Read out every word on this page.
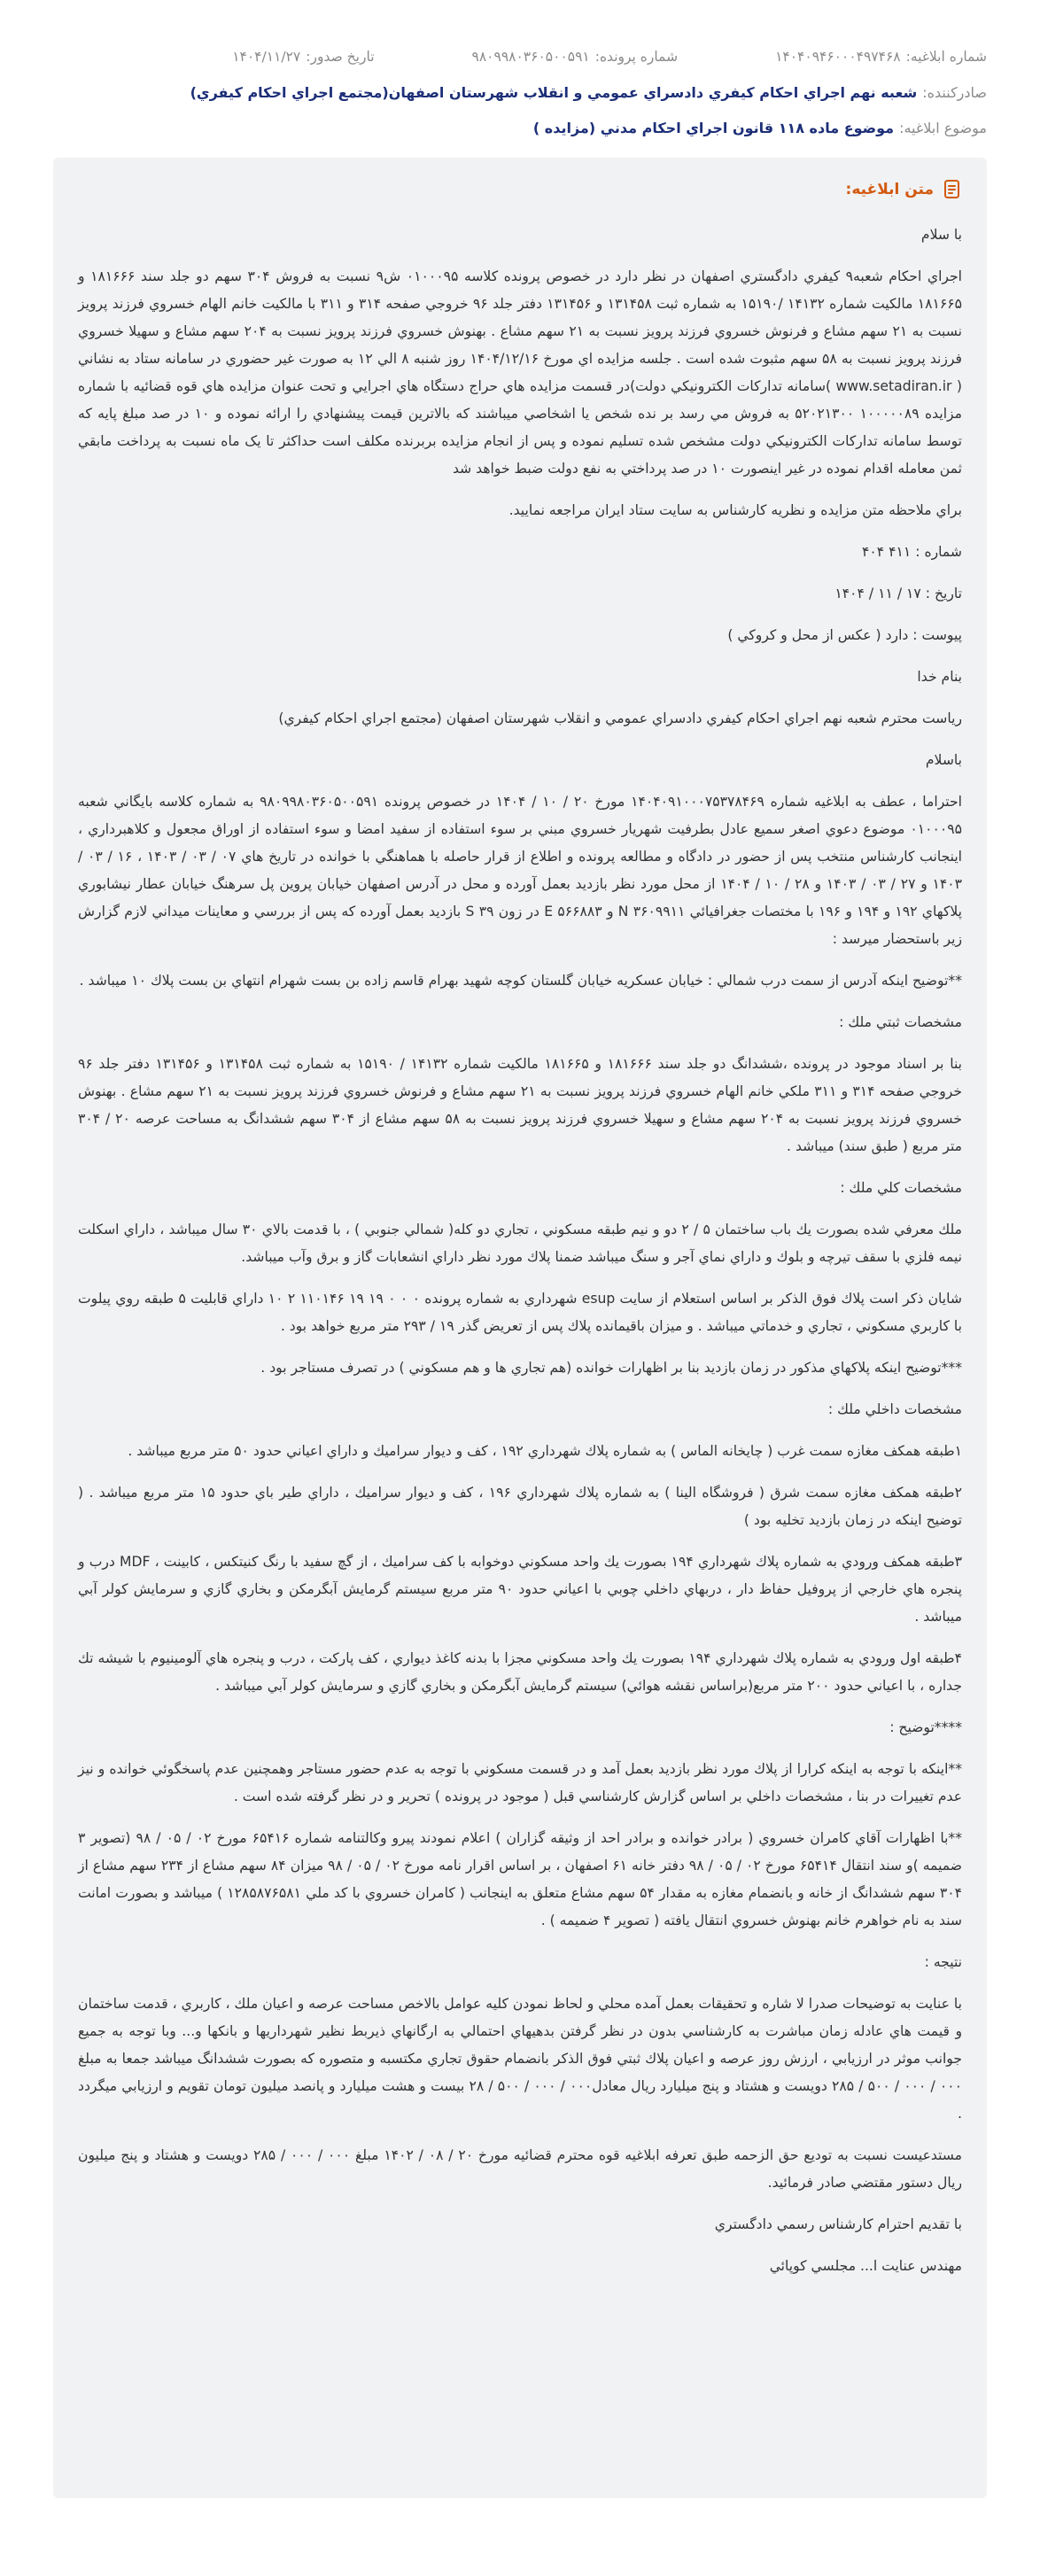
شماره ابلاغیه:۱۴۰۴۰۹۴۶۰۰۰۴۹۷۴۶۸
شماره پرونده:۹۸۰۹۹۸۰۳۶۰۵۰۰۵۹۱
تاریخ صدور:۱۴۰۴/۱۱/۲۷
صادرکننده:
شعبه نهم اجراي احكام كيفري دادسراي عمومي و انقلاب شهرستان اصفهان(مجتمع اجراي احكام كيفري)
موضوع ابلاغیه:
موضوع ماده ۱۱۸ قانون اجراي احكام مدني (مزايده )
متن ابلاغیه:

با سلام

اجراي احكام شعبه۹ كيفري دادگستري اصفهان در نظر دارد در خصوص پرونده كلاسه ۰۱۰۰۰۹۵ ش۹ نسبت به فروش ۳۰۴ سهم دو جلد سند ۱۸۱۶۶۶ و ۱۸۱۶۶۵ مالكيت شماره ۱۴۱۳۲ /۱۵۱۹۰ به شماره ثبت ۱۳۱۴۵۸ و ۱۳۱۴۵۶ دفتر جلد ۹۶ خروجي صفحه ۳۱۴ و ۳۱۱ با مالكيت خانم الهام خسروي فرزند پرويز نسبت به ۲۱ سهم مشاع و فرنوش خسروي فرزند پرويز نسبت به ۲۱ سهم مشاع . بهنوش خسروي فرزند پرويز نسبت به ۲۰۴ سهم مشاع و سهيلا خسروي فرزند پرويز نسبت به ۵۸ سهم مثبوت شده است . جلسه مزايده اي مورخ ۱۴۰۴/۱۲/۱۶ روز شنبه ۸ الي ۱۲ به صورت غير حضوري در سامانه ستاد به نشاني ( www.setadiran.ir )سامانه تداركات الكترونيكي دولت)در قسمت مزايده هاي حراج دستگاه هاي اجرايي و تحت عنوان مزايده هاي قوه قضائيه با شماره مزايده ۱۰۰۰۰۰۸۹ ۵۲۰۲۱۳۰۰ به فروش مي رسد بر نده شخص يا اشخاصي ميباشند كه بالاترين قيمت پيشنهادي را ارائه نموده و ۱۰ در صد مبلغ پايه كه توسط سامانه تداركات الكترونيكي دولت مشخص شده تسليم نموده و پس از انجام مزايده بربرنده مكلف است حداكثر تا يک ماه نسبت به پرداخت مابقي ثمن معامله اقدام نموده در غير اينصورت ۱۰ در صد پرداختي به نفع دولت ضبط خواهد شد

براي ملاحظه متن مزايده و نظريه كارشناس به سايت ستاد ايران مراجعه نماييد.

شماره : ۴۱۱ ۴۰۴

تاريخ : ۱۷ / ۱۱ / ۱۴۰۴

پيوست : دارد ( عكس از محل و كروكي )

بنام خدا

رياست محترم شعبه نهم اجراي احكام كيفري دادسراي عمومي و انقلاب شهرستان اصفهان (مجتمع اجراي احكام كيفري)

باسلام

احتراما ، عطف به ابلاغيه شماره ۱۴۰۴۰۹۱۰۰۰۷۵۳۷۸۴۶۹ مورخ ۲۰ / ۱۰ / ۱۴۰۴ در خصوص پرونده ۹۸۰۹۹۸۰۳۶۰۵۰۰۵۹۱ به شماره كلاسه بايگاني شعبه ۰۱۰۰۰۹۵ موضوع دعوي اصغر سميع عادل بطرفيت شهريار خسروي مبني بر سوء استفاده از سفيد امضا و سوء استفاده از اوراق مجعول و كلاهبرداري ، اينجانب كارشناس منتخب پس از حضور در دادگاه و مطالعه پرونده و اطلاع از قرار حاصله با هماهنگي با خوانده در تاريخ هاي ۰۷ / ۰۳ / ۱۴۰۳ ، ۱۶ / ۰۳ / ۱۴۰۳ و ۲۷ / ۰۳ / ۱۴۰۳ و ۲۸ / ۱۰ / ۱۴۰۴ از محل مورد نظر بازديد بعمل آورده و محل در آدرس اصفهان خيابان پروين پل سرهنگ خيابان عطار نيشابوري پلاكهاي ۱۹۲ و ۱۹۴ و ۱۹۶ با مختصات جغرافيائي ۳۶۰۹۹۱۱ N و ۵۶۶۸۸۳ E در زون ۳۹ S بازديد بعمل آورده كه پس از بررسي و معاينات ميداني لازم گزارش زير باستحضار ميرسد :

**توضيح اينكه آدرس از سمت درب شمالي : خيابان عسكريه خيابان گلستان كوچه شهيد بهرام قاسم زاده بن بست شهرام انتهاي بن بست پلاك ۱۰ ميباشد .

مشخصات ثبتي ملك :

بنا بر اسناد موجود در پرونده ،ششدانگ دو جلد سند ۱۸۱۶۶۶ و ۱۸۱۶۶۵ مالكيت شماره ۱۴۱۳۲ / ۱۵۱۹۰ به شماره ثبت ۱۳۱۴۵۸ و ۱۳۱۴۵۶ دفتر جلد ۹۶ خروجي صفحه ۳۱۴ و ۳۱۱ ملكي خانم الهام خسروي فرزند پرويز نسبت به ۲۱ سهم مشاع و فرنوش خسروي فرزند پرويز نسبت به ۲۱ سهم مشاع . بهنوش خسروي فرزند پرويز نسبت به ۲۰۴ سهم مشاع و سهيلا خسروي فرزند پرويز نسبت به ۵۸ سهم مشاع از ۳۰۴ سهم ششدانگ به مساحت عرصه ۲۰ / ۳۰۴ متر مربع ( طبق سند) ميباشد .

مشخصات كلي ملك :

ملك معرفي شده بصورت يك باب ساختمان ۵ / ۲ دو و نيم طبقه مسكوني ، تجاري دو كله( شمالي جنوبي ) ، با قدمت بالاي ۳۰ سال ميباشد ، داراي اسكلت نيمه فلزي با سقف تيرچه و بلوك و داراي نماي آجر و سنگ ميباشد ضمنا پلاك مورد نظر داراي انشعابات گاز و برق وآب ميباشد.

شايان ذكر است پلاك فوق الذكر بر اساس استعلام از سايت esup شهرداري به شماره پرونده ۰ ۰ ۰ ۱۹ ۱۹ ۱۱۰۱۴۶ ۲ ۱۰ داراي قابليت ۵ طبقه روي پيلوت با كاربري مسكوني ، تجاري و خدماتي ميباشد . و ميزان باقيمانده پلاك پس از تعريض گذر ۱۹ / ۲۹۳ متر مربع خواهد بود .

***توضيح اينكه پلاكهاي مذكور در زمان بازديد بنا بر اظهارات خوانده (هم تجاري ها و هم مسكوني ) در تصرف مستاجر بود .

مشخصات داخلي ملك :

۱طبقه همكف مغازه سمت غرب ( چايخانه الماس ) به شماره پلاك شهرداري ۱۹۲ ، كف و ديوار سراميك و داراي اعياني حدود ۵۰ متر مربع ميباشد .

۲طبقه همكف مغازه سمت شرق ( فروشگاه الينا ) به شماره پلاك شهرداري ۱۹۶ ، كف و ديوار سراميك ، داراي طير باي حدود ۱۵ متر مربع ميباشد . ( توضيح اينكه در زمان بازديد تخليه بود )

۳طبقه همكف ورودي به شماره پلاك شهرداري ۱۹۴ بصورت يك واحد مسكوني دوخوابه با كف سراميك ، از گچ سفيد با رنگ كنيتكس ، كابينت ، MDF درب و پنجره هاي خارجي از پروفيل حفاظ دار ، دربهاي داخلي چوبي با اعياني حدود ۹۰ متر مربع سيستم گرمايش آبگرمكن و بخاري گازي و سرمايش كولر آبي ميباشد .

۴طبقه اول ورودي به شماره پلاك شهرداري ۱۹۴ بصورت يك واحد مسكوني مجزا با بدنه كاغذ ديواري ، كف پاركت ، درب و پنجره هاي آلومينيوم با شيشه تك جداره ، با اعياني حدود ۲۰۰ متر مربع(براساس نقشه هوائي) سيستم گرمايش آبگرمكن و بخاري گازي و سرمايش كولر آبي ميباشد .

****توضيح :

**اينكه با توجه به اينكه كرارا از پلاك مورد نظر بازديد بعمل آمد و در قسمت مسكوني با توجه به عدم حضور مستاجر وهمچنين عدم پاسخگوئي خوانده و نيز عدم تغييرات در بنا ، مشخصات داخلي بر اساس گزارش كارشناسي قبل ( موجود در پرونده ) تحرير و در نظر گرفته شده است .

**با اظهارات آقاي كامران خسروي ( برادر خوانده و برادر احد از وثيقه گزاران ) اعلام نمودند پيرو وكالتنامه شماره ۶۵۴۱۶ مورخ ۰۲ / ۰۵ / ۹۸ (تصوير ۳ ضميمه )و سند انتقال ۶۵۴۱۴ مورخ ۰۲ / ۰۵ / ۹۸ دفتر خانه ۶۱ اصفهان ، بر اساس اقرار نامه مورخ ۰۲ / ۰۵ / ۹۸ ميزان ۸۴ سهم مشاع از ۲۳۴ سهم مشاع از ۳۰۴ سهم ششدانگ از خانه و بانضمام مغازه به مقدار ۵۴ سهم مشاع متعلق به اينجانب ( كامران خسروي با كد ملي ۱۲۸۵۸۷۶۵۸۱ ) ميباشد و بصورت امانت سند به نام خواهرم خانم بهنوش خسروي انتقال يافته ( تصوير ۴ ضميمه ) .

نتيجه :

با عنايت به توضيحات صدرا لا شاره و تحقيقات بعمل آمده محلي و لحاظ نمودن كليه عوامل بالاخص مساحت عرصه و اعيان ملك ، كاربري ، قدمت ساختمان و قيمت هاي عادله زمان مباشرت به كارشناسي بدون در نظر گرفتن بدهيهاي احتمالي به ارگانهاي ذيربط نظير شهرداريها و بانكها و... وبا توجه به جميع جوانب موثر در ارزيابي ، ارزش روز عرصه و اعيان پلاك ثبتي فوق الذكر بانضمام حقوق تجاري مكتسبه و متصوره كه بصورت ششدانگ ميباشد جمعا به مبلغ ۰۰۰ / ۰۰۰ / ۵۰۰ / ۲۸۵ دويست و هشتاد و پنج ميليارد ريال معادل۰۰۰ / ۰۰۰ / ۵۰۰ / ۲۸ بيست و هشت ميليارد و پانصد ميليون تومان تقويم و ارزيابي ميگردد .

مستدعيست نسبت به توديع حق الزحمه طبق تعرفه ابلاغيه قوه محترم قضائيه مورخ ۲۰ / ۰۸ / ۱۴۰۲ مبلغ ۰۰۰ / ۰۰۰ / ۲۸۵ دويست و هشتاد و پنج ميليون ريال دستور مقتضي صادر فرمائيد.

با تقديم احترام كارشناس رسمي دادگستري

مهندس عنايت ا... مجلسي كوپائي
